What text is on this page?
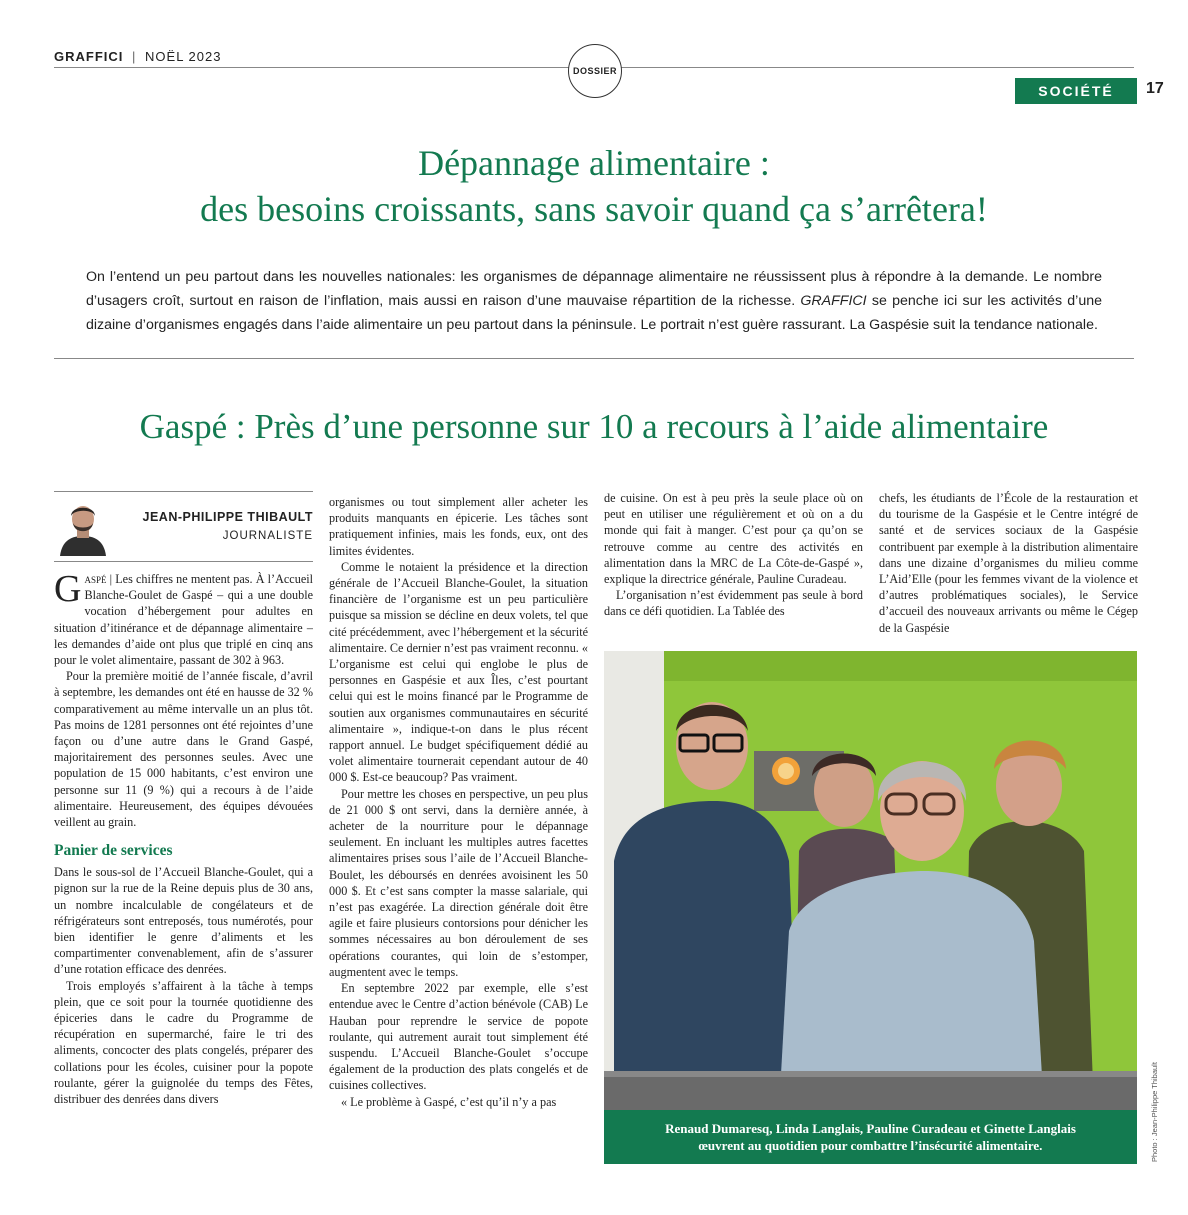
GRAFFICI | NOËL 2023
DOSSIER
SOCIÉTÉ	17
Dépannage alimentaire :
des besoins croissants, sans savoir quand ça s’arrêtera!
On l’entend un peu partout dans les nouvelles nationales: les organismes de dépannage alimentaire ne réussissent plus à répondre à la demande. Le nombre d’usagers croît, surtout en raison de l’inflation, mais aussi en raison d’une mauvaise répartition de la richesse. GRAFFICI se penche ici sur les activités d’une dizaine d’organismes engagés dans l’aide alimentaire un peu partout dans la péninsule. Le portrait n’est guère rassurant. La Gaspésie suit la tendance nationale.
Gaspé : Près d’une personne sur 10 a recours à l’aide alimentaire
JEAN-PHILIPPE THIBAULT
JOURNALISTE

Gaspé | Les chiffres ne mentent pas. À l’Accueil Blanche-Goulet de Gaspé – qui a une double vocation d’hébergement pour adultes en situation d’itinérance et de dépannage alimentaire – les demandes d’aide ont plus que triplé en cinq ans pour le volet alimentaire, passant de 302 à 963.

Pour la première moitié de l’année fiscale, d’avril à septembre, les demandes ont été en hausse de 32 % comparativement au même intervalle un an plus tôt. Pas moins de 1281 personnes ont été rejointes d’une façon ou d’une autre dans le Grand Gaspé, majoritairement des personnes seules. Avec une population de 15 000 habitants, c’est environ une personne sur 11 (9 %) qui a recours à de l’aide alimentaire. Heureusement, des équipes dévouées veillent au grain.

Panier de services

Dans le sous-sol de l’Accueil Blanche-Goulet, qui a pignon sur la rue de la Reine depuis plus de 30 ans, un nombre incalculable de congélateurs et de réfrigérateurs sont entreposés, tous numérotés, pour bien identifier le genre d’aliments et les compartimenter convenablement, afin de s’assurer d’une rotation efficace des denrées.

Trois employés s’affairent à la tâche à temps plein, que ce soit pour la tournée quotidienne des épiceries dans le cadre du Programme de récupération en supermarché, faire le tri des aliments, concocter des plats congelés, préparer des collations pour les écoles, cuisiner pour la popote roulante, gérer la guignolée du temps des Fêtes, distribuer des denrées dans divers

organismes ou tout simplement aller acheter les produits manquants en épicerie. Les tâches sont pratiquement infinies, mais les fonds, eux, ont des limites évidentes.

Comme le notaient la présidence et la direction générale de l’Accueil Blanche-Goulet, la situation financière de l’organisme est un peu particulière puisque sa mission se décline en deux volets, tel que cité précédemment, avec l’hébergement et la sécurité alimentaire. Ce dernier n’est pas vraiment reconnu. « L’organisme est celui qui englobe le plus de personnes en Gaspésie et aux Îles, c’est pourtant celui qui est le moins financé par le Programme de soutien aux organismes communautaires en sécurité alimentaire », indique-t-on dans le plus récent rapport annuel. Le budget spécifiquement dédié au volet alimentaire tournerait cependant autour de 40 000 $. Est-ce beaucoup? Pas vraiment.

Pour mettre les choses en perspective, un peu plus de 21 000 $ ont servi, dans la dernière année, à acheter de la nourriture pour le dépannage seulement. En incluant les multiples autres facettes alimentaires prises sous l’aile de l’Accueil Blanche-Boulet, les déboursés en denrées avoisinent les 50 000 $. Et c’est sans compter la masse salariale, qui n’est pas exagérée. La direction générale doit être agile et faire plusieurs contorsions pour dénicher les sommes nécessaires au bon déroulement de ses opérations courantes, qui loin de s’estomper, augmentent avec le temps.

En septembre 2022 par exemple, elle s’est entendue avec le Centre d’action bénévole (CAB) Le Hauban pour reprendre le service de popote roulante, qui autrement aurait tout simplement été suspendu. L’Accueil Blanche-Goulet s’occupe également de la production des plats congelés et de cuisines collectives.

« Le problème à Gaspé, c’est qu’il n’y a pas

de cuisine. On est à peu près la seule place où on peut en utiliser une régulièrement et où on a du monde qui fait à manger. C’est pour ça qu’on se retrouve comme au centre des activités en alimentation dans la MRC de La Côte-de-Gaspé », explique la directrice générale, Pauline Curadeau.

L’organisation n’est évidemment pas seule à bord dans ce défi quotidien. La Tablée des

chefs, les étudiants de l’École de la restauration et du tourisme de la Gaspésie et le Centre intégré de santé et de services sociaux de la Gaspésie contribuent par exemple à la distribution alimentaire dans une dizaine d’organismes du milieu comme L’Aid’Elle (pour les femmes vivant de la violence et d’autres problématiques sociales), le Service d’accueil des nouveaux arrivants ou même le Cégep de la Gaspésie

Renaud Dumaresq, Linda Langlais, Pauline Curadeau et Ginette Langlais
œuvrent au quotidien pour combattre l’insécurité alimentaire.	Photo : Jean-Philippe Thibault
